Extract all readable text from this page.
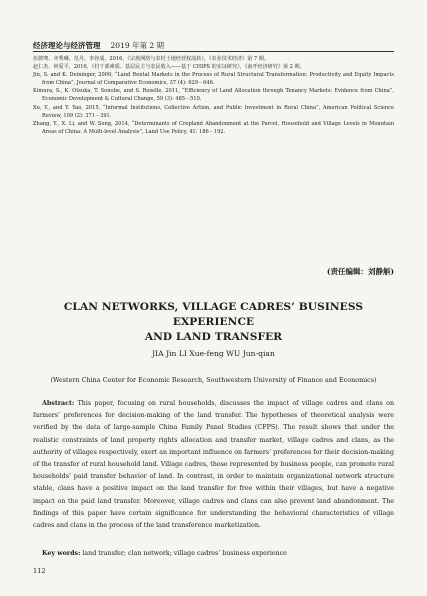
经济理论与经济管理 2019 年第 2 期

伍骏骞、齐秀琳、范丹、李谷成，2016，《宗族网络与农村土地经营权流转》，《农业技术经济》第 7 期。

赵仁杰、何爱平，2016，《村干部素质、基层民主与农民收入——基于 CHIPS 的实证研究》，《南开经济研究》第 2 期。

Jin, S. and K. Deininger, 2009, “Land Rental Markets in the Process of Rural Structural Transformation: Productivity and Equity Impacts from China”, Journal of Comparative Economics, 37 (4): 629－646.

Kimura, S., K. Otsuka, T. Sonobe, and S. Rozelle, 2011, “Efficiency of Land Allocation through Tenancy Markets: Evidence from China”, Economic Development & Cultural Change, 59 (3): 485－510.

Xu, Y., and Y. Yao, 2015, “Informal Institutions, Collective Action, and Public Investment in Rural China”, American Political Science Review, 109 (2): 371－391.

Zhang, Y., X. Li, and W. Song, 2014, “Determinants of Cropland Abandonment at the Parcel, Household and Village Levels in Mountain Areas of China: A Multi-level Analysis”, Land Use Policy, 41: 186－192.

(责任编辑：刘静斛)
CLAN NETWORKS, VILLAGE CADRES’ BUSINESS EXPERIENCE
AND LAND TRANSFER
JIA Jin LI Xue-feng WU Jun-qian
(Western China Center for Economic Research, Southwestern University of Finance and Economics)

Abstract: This paper, focusing on rural households, discusses the impact of village cadres and clans on farmers’ preferences for decision-making of the land transfer. The hypotheses of theoretical analysis were verified by the data of large-sample China Family Panel Studies (CFPS). The result shows that under the realistic constraints of land property rights allocation and transfer market, village cadres and clans, as the authority of villages respectively, exert an important influence on farmers’ preferences for their decision-making of the transfer of rural household land. Village cadres, those represented by business people, can promote rural households’ paid transfer behavior of land. In contrast, in order to maintain organizational network structure stable, clans have a positive impact on the land transfer for free within their villages, but have a negative impact on the paid land transfer. Moreover, village cadres and clans can also prevent land abandonment. The findings of this paper have certain significance for understanding the behavioral characteristics of village cadres and clans in the process of the land transference marketization.

Key words: land transfer; clan network; village cadres’ business experience

112
